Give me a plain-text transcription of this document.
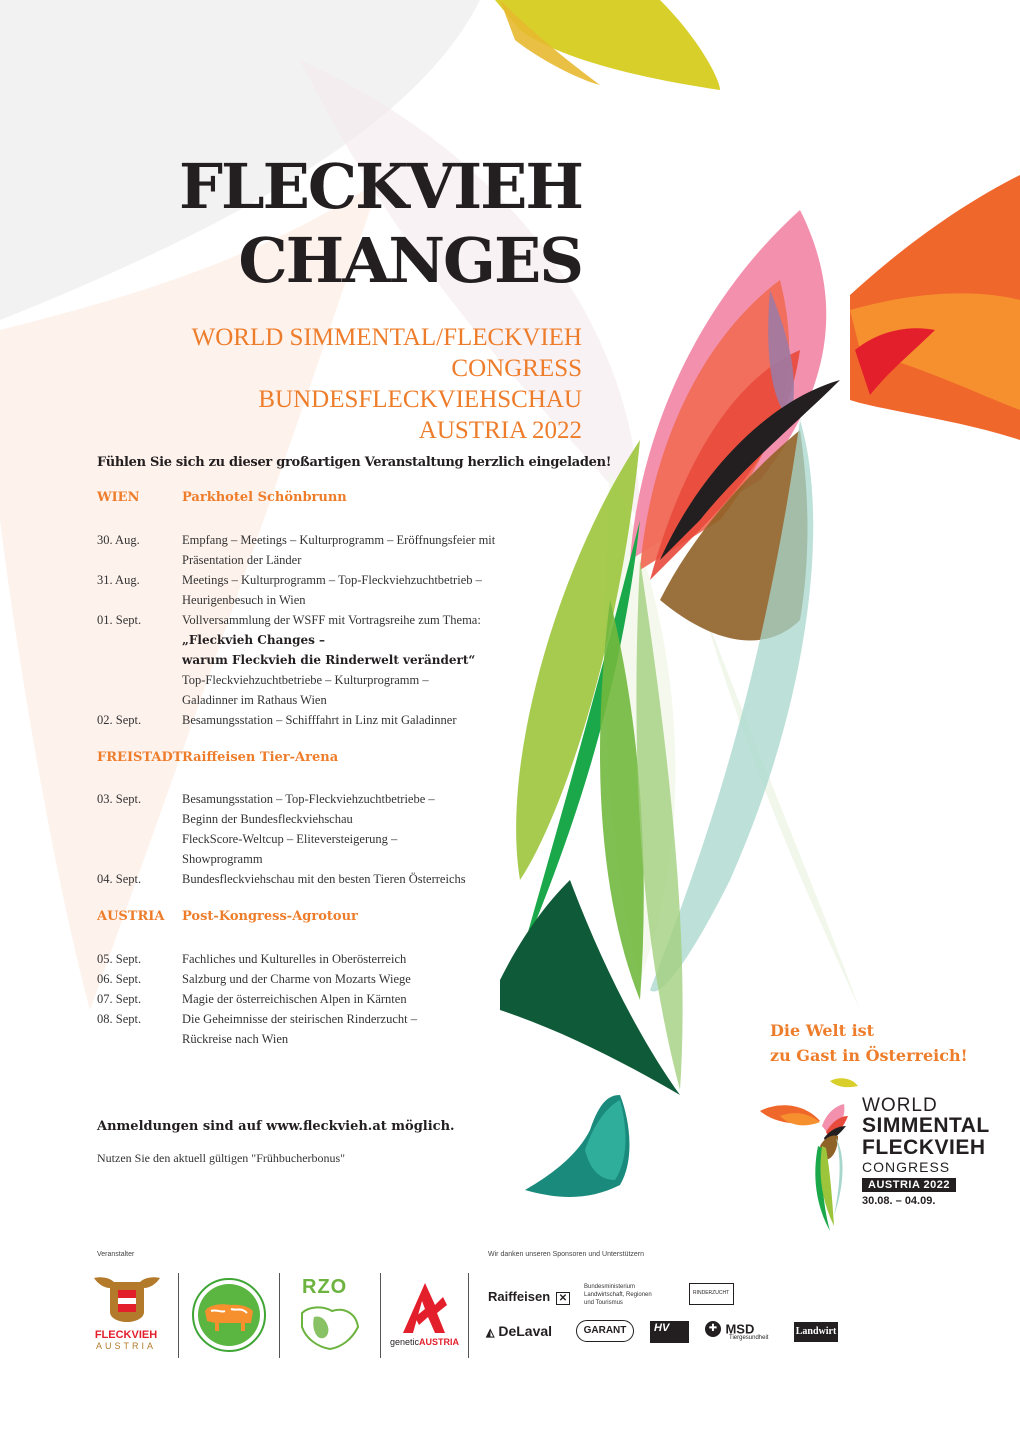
FLECKVIEH
CHANGES
WORLD SIMMENTAL/FLECKVIEH CONGRESS
BUNDESFLECKVIEHSCHAU
AUSTRIA 2022
Fühlen Sie sich zu dieser großartigen Veranstaltung herzlich eingeladen!
WIEN	Parkhotel Schönbrunn
30. Aug.	Empfang – Meetings – Kulturprogramm – Eröffnungsfeier mit
Präsentation der Länder
31. Aug.	Meetings – Kulturprogramm – Top-Fleckviehzuchtbetrieb –
Heurigenbesuch in Wien
01. Sept.	Vollversammlung der WSFF mit Vortragsreihe zum Thema:
„Fleckvieh Changes –
warum Fleckvieh die Rinderwelt verändert“
Top-Fleckviehzuchtbetriebe – Kulturprogramm –
Galadinner im Rathaus Wien
02. Sept.	Besamungsstation – Schifffahrt in Linz mit Galadinner
FREISTADT Raiffeisen Tier-Arena
03. Sept.	Besamungsstation – Top-Fleckviehzuchtbetriebe –
Beginn der Bundesfleckviehschau
FleckScore-Weltcup – Eliteversteigerung –
Showprogramm
04. Sept.	Bundesfleckviehschau mit den besten Tieren Österreichs
AUSTRIA Post-Kongress-Agrotour
05. Sept.	Fachliches und Kulturelles in Oberösterreich
06. Sept.	Salzburg und der Charme von Mozarts Wiege
07. Sept.	Magie der österreichischen Alpen in Kärnten
08. Sept.	Die Geheimnisse der steirischen Rinderzucht –
Rückreise nach Wien
Anmeldungen sind auf www.fleckvieh.at möglich.
Nutzen Sie den aktuell gültigen "Frühbucherbonus"
Die Welt ist
zu Gast in Österreich!
WORLD
SIMMENTAL
FLECKVIEH
CONGRESS
AUSTRIA 2022
30.08. – 04.09.
Veranstalter
FLECKVIEH
AUSTRIA
RZO
geneticAUSTRIA
Wir danken unseren Sponsoren und Unterstützern
Raiffeisen ✕
Bundesministerium
Landwirtschaft, Regionen
und Tourismus
RINDERZUCHT
◭ DeLaval	GARANT	HV	✚ MSD
Tiergesundheit
Landwirt
